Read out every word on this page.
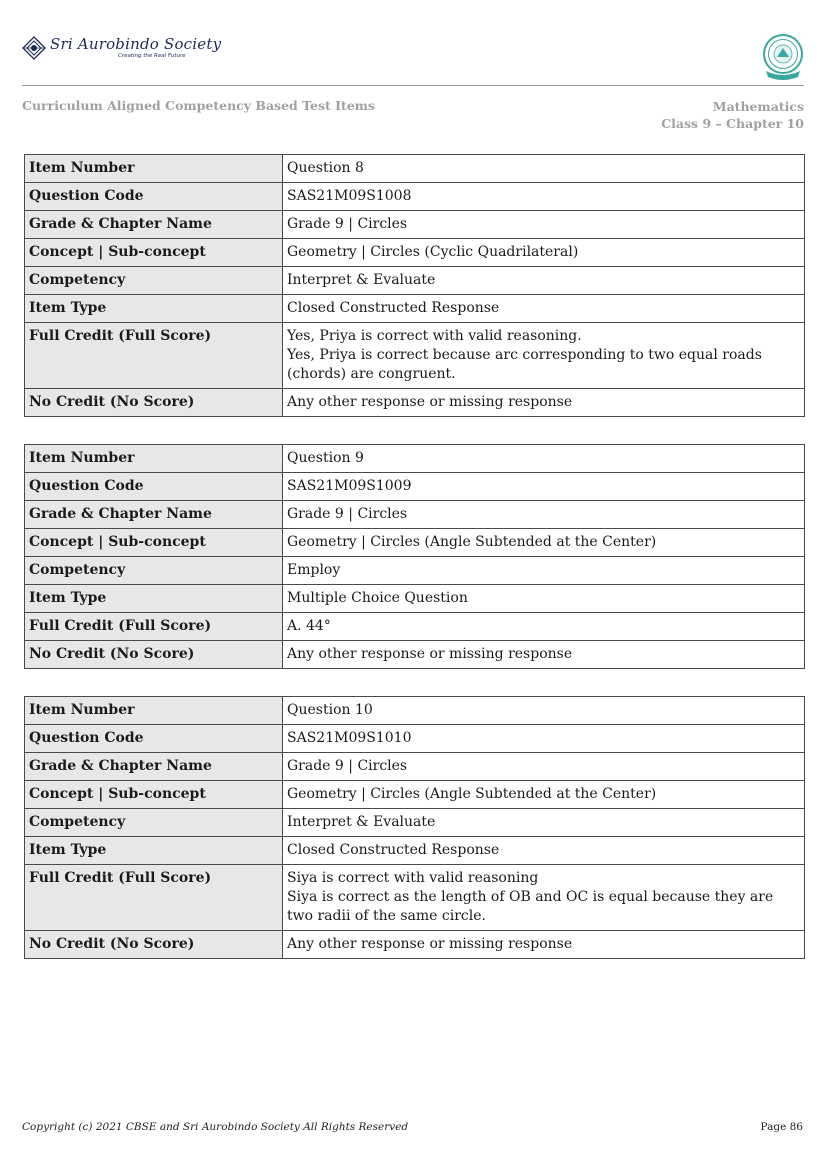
Sri Aurobindo Society
Creating the Real Future
Curriculum Aligned Competency Based Test Items	Mathematics
Class 9 – Chapter 10
Item Number	Question 8

Question Code	SAS21M09S1008

Grade & Chapter Name	Grade 9 | Circles

Concept | Sub-concept	Geometry | Circles (Cyclic Quadrilateral)

Competency	Interpret & Evaluate

Item Type	Closed Constructed Response

Full Credit (Full Score)	Yes, Priya is correct with valid reasoning.
Yes, Priya is correct because arc corresponding to two equal roads (chords) are congruent.

No Credit (No Score)	Any other response or missing response
Item Number	Question 9

Question Code	SAS21M09S1009

Grade & Chapter Name	Grade 9 | Circles

Concept | Sub-concept	Geometry | Circles (Angle Subtended at the Center)

Competency	Employ

Item Type	Multiple Choice Question

Full Credit (Full Score)	A. 44°

No Credit (No Score)	Any other response or missing response
Item Number	Question 10

Question Code	SAS21M09S1010

Grade & Chapter Name	Grade 9 | Circles

Concept | Sub-concept	Geometry | Circles (Angle Subtended at the Center)

Competency	Interpret & Evaluate

Item Type	Closed Constructed Response

Full Credit (Full Score)	Siya is correct with valid reasoning
Siya is correct as the length of OB and OC is equal because they are two radii of the same circle.

No Credit (No Score)	Any other response or missing response
Copyright (c) 2021 CBSE and Sri Aurobindo Society All Rights Reserved	Page 86
